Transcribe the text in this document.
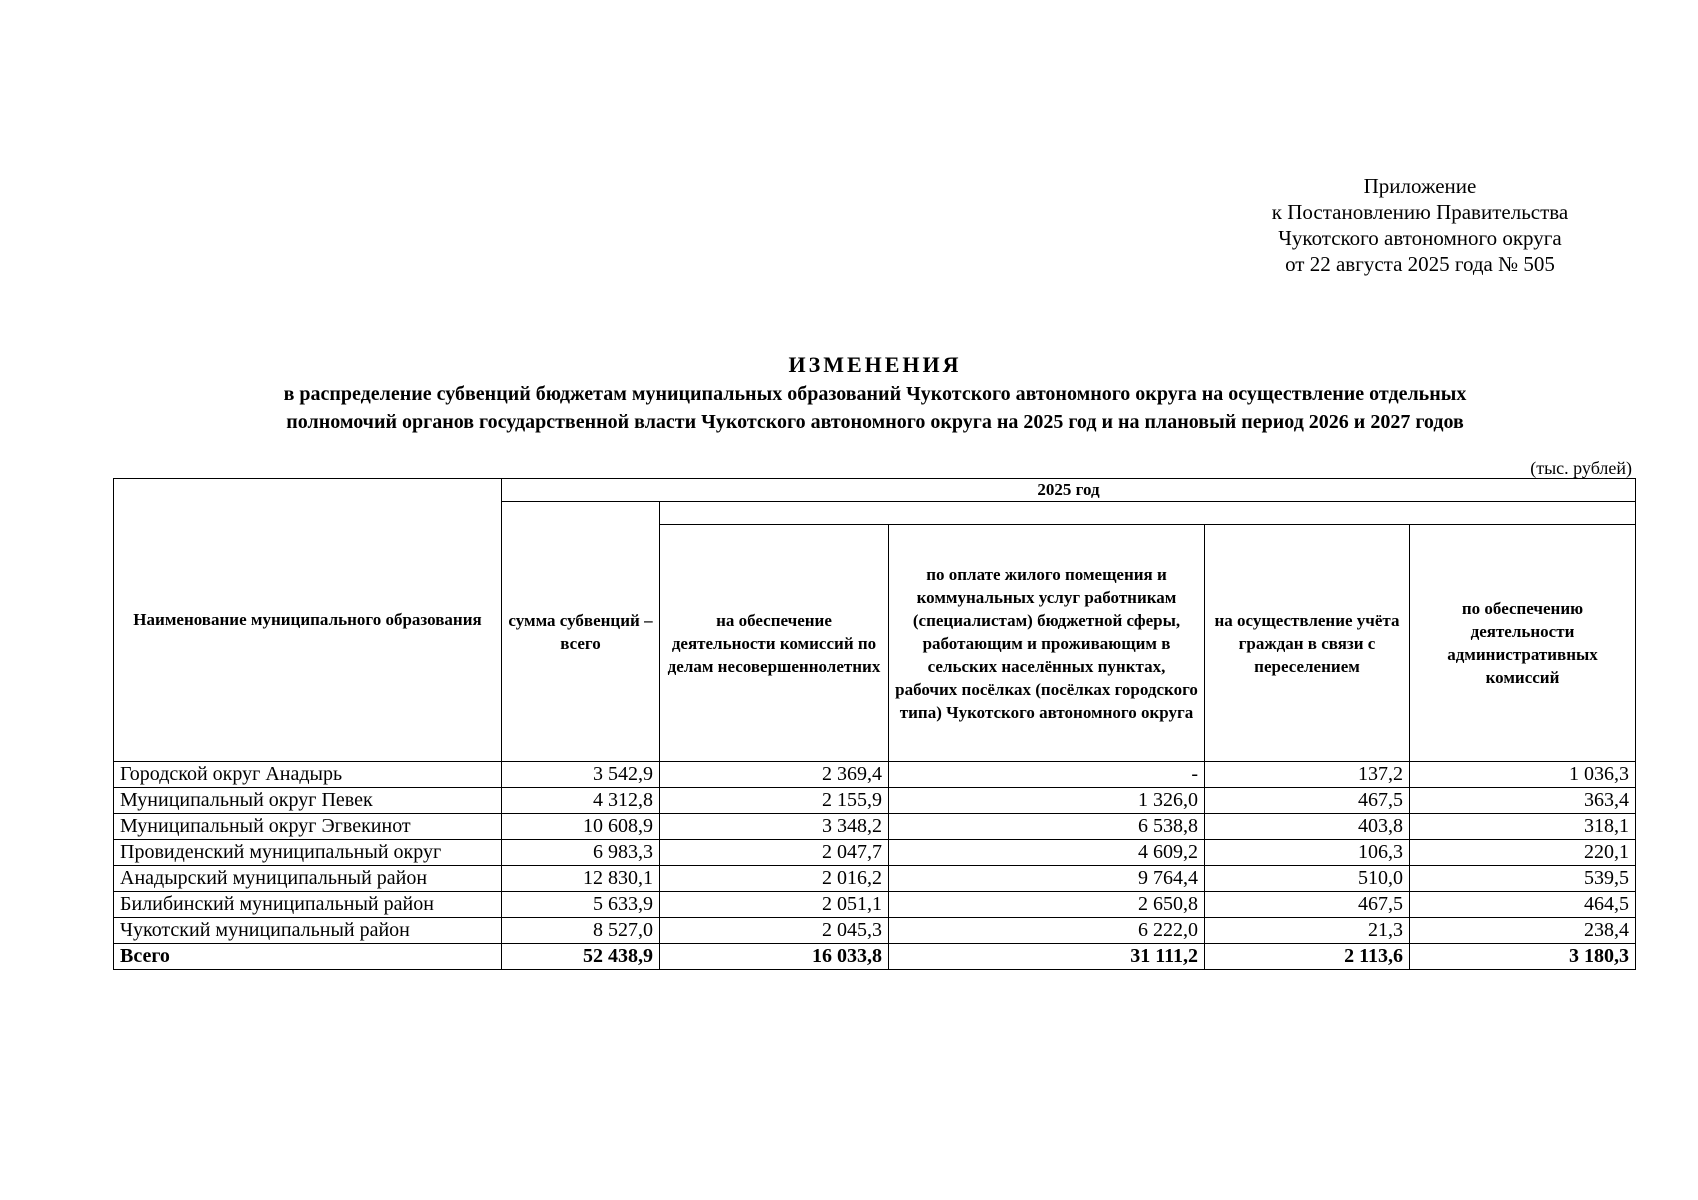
Приложение
к Постановлению Правительства
Чукотского автономного округа
от 22 августа 2025 года № 505
ИЗМЕНЕНИЯ
в распределение субвенций бюджетам муниципальных образований Чукотского автономного округа на осуществление отдельных
полномочий органов государственной власти Чукотского автономного округа на 2025 год и на плановый период 2026 и 2027 годов
(тыс. рублей)
Наименование муниципального образования	2025 год				
	сумма субвенций – всего				
		на обеспечение деятельности комиссий по делам несовершеннолетних	по оплате жилого помещения и коммунальных услуг работникам (специалистам) бюджетной сферы, работающим и проживающим в сельских населённых пунктах, рабочих посёлках (посёлках городского типа) Чукотского автономного округа	на осуществление учёта граждан в связи с переселением	по обеспечению деятельности административных комиссий
Городской округ Анадырь	3 542,9	2 369,4	-	137,2	1 036,3
Муниципальный округ Певек	4 312,8	2 155,9	1 326,0	467,5	363,4
Муниципальный округ Эгвекинот	10 608,9	3 348,2	6 538,8	403,8	318,1
Провиденский муниципальный округ	6 983,3	2 047,7	4 609,2	106,3	220,1
Анадырский муниципальный район	12 830,1	2 016,2	9 764,4	510,0	539,5
Билибинский муниципальный район	5 633,9	2 051,1	2 650,8	467,5	464,5
Чукотский муниципальный район	8 527,0	2 045,3	6 222,0	21,3	238,4
Всего	52 438,9	16 033,8	31 111,2	2 113,6	3 180,3
